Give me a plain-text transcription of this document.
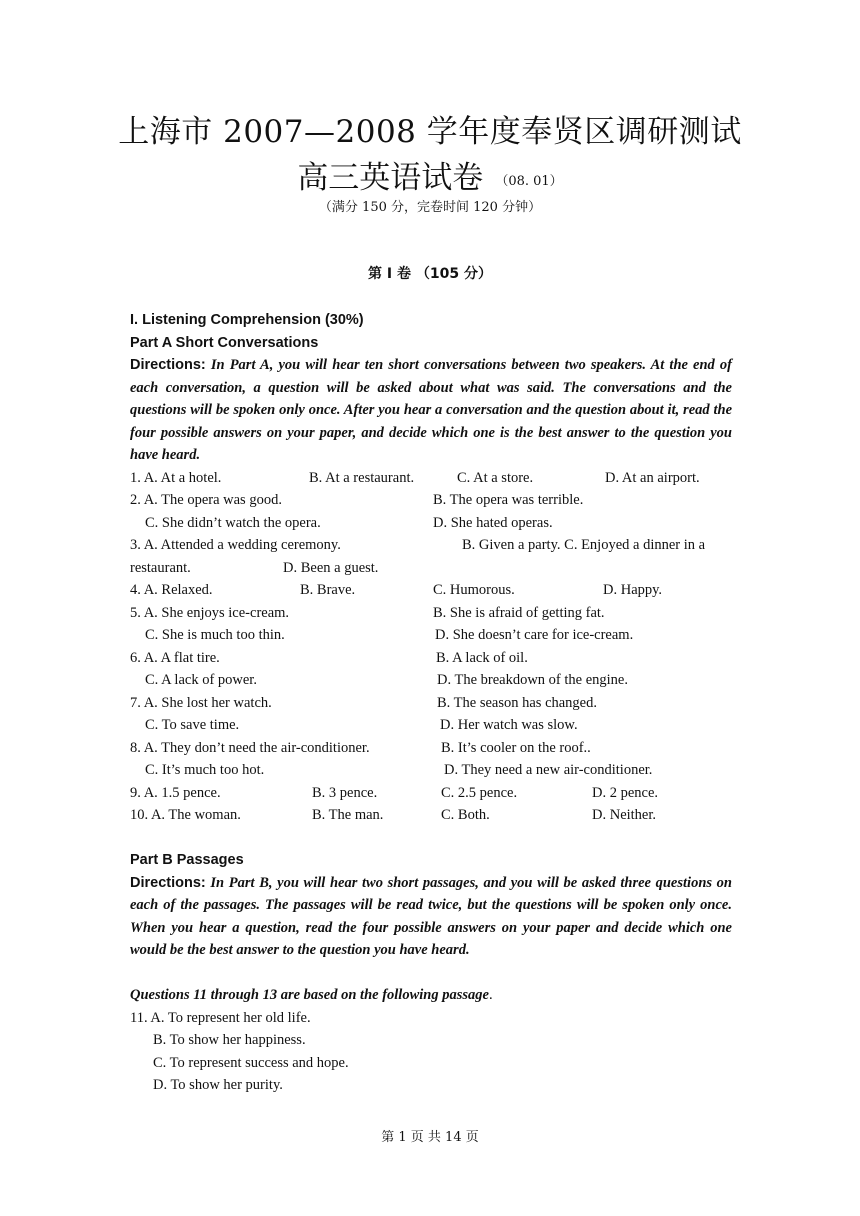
上海市 2007—2008 学年度奉贤区调研测试
高三英语试卷 （08. 01）
（满分 150 分，完卷时间 120 分钟）
第 I 卷 （105 分）
I. Listening Comprehension (30%)
Part A Short Conversations
Directions: In Part A, you will hear ten short conversations between two speakers. At the end of each conversation, a question will be asked about what was said. The conversations and the questions will be spoken only once. After you hear a conversation and the question about it, read the four possible answers on your paper, and decide which one is the best answer to the question you have heard.
1. A. At a hotel.	B. At a restaurant.	C. At a store.	D. At an airport.
2. A. The opera was good.	B. The opera was terrible.
C. She didn’t watch the opera.	D. She hated operas.
3. A. Attended a wedding ceremony.	B. Given a party. C. Enjoyed a dinner in a
restaurant.	D. Been a guest.
4. A. Relaxed.	B. Brave.	C. Humorous.	D. Happy.
5. A. She enjoys ice-cream.	B. She is afraid of getting fat.
C. She is much too thin.	D. She doesn’t care for ice-cream.
6. A. A flat tire.	B. A lack of oil.
C. A lack of power.	D. The breakdown of the engine.
7. A. She lost her watch.	B. The season has changed.
C. To save time.	D. Her watch was slow.
8. A. They don’t need the air-conditioner.	B. It’s cooler on the roof..
C. It’s much too hot.	D. They need a new air-conditioner.
9. A. 1.5 pence.	B. 3 pence.	C. 2.5 pence.	D. 2 pence.
10. A. The woman.	B. The man.	C. Both.	D. Neither.
Part B Passages
Directions: In Part B, you will hear two short passages, and you will be asked three questions on each of the passages. The passages will be read twice, but the questions will be spoken only once. When you hear a question, read the four possible answers on your paper and decide which one would be the best answer to the question you have heard.
Questions 11 through 13 are based on the following passage.
11. A. To represent her old life.
B. To show her happiness.
C. To represent success and hope.
D. To show her purity.
第 1 页 共 14 页
